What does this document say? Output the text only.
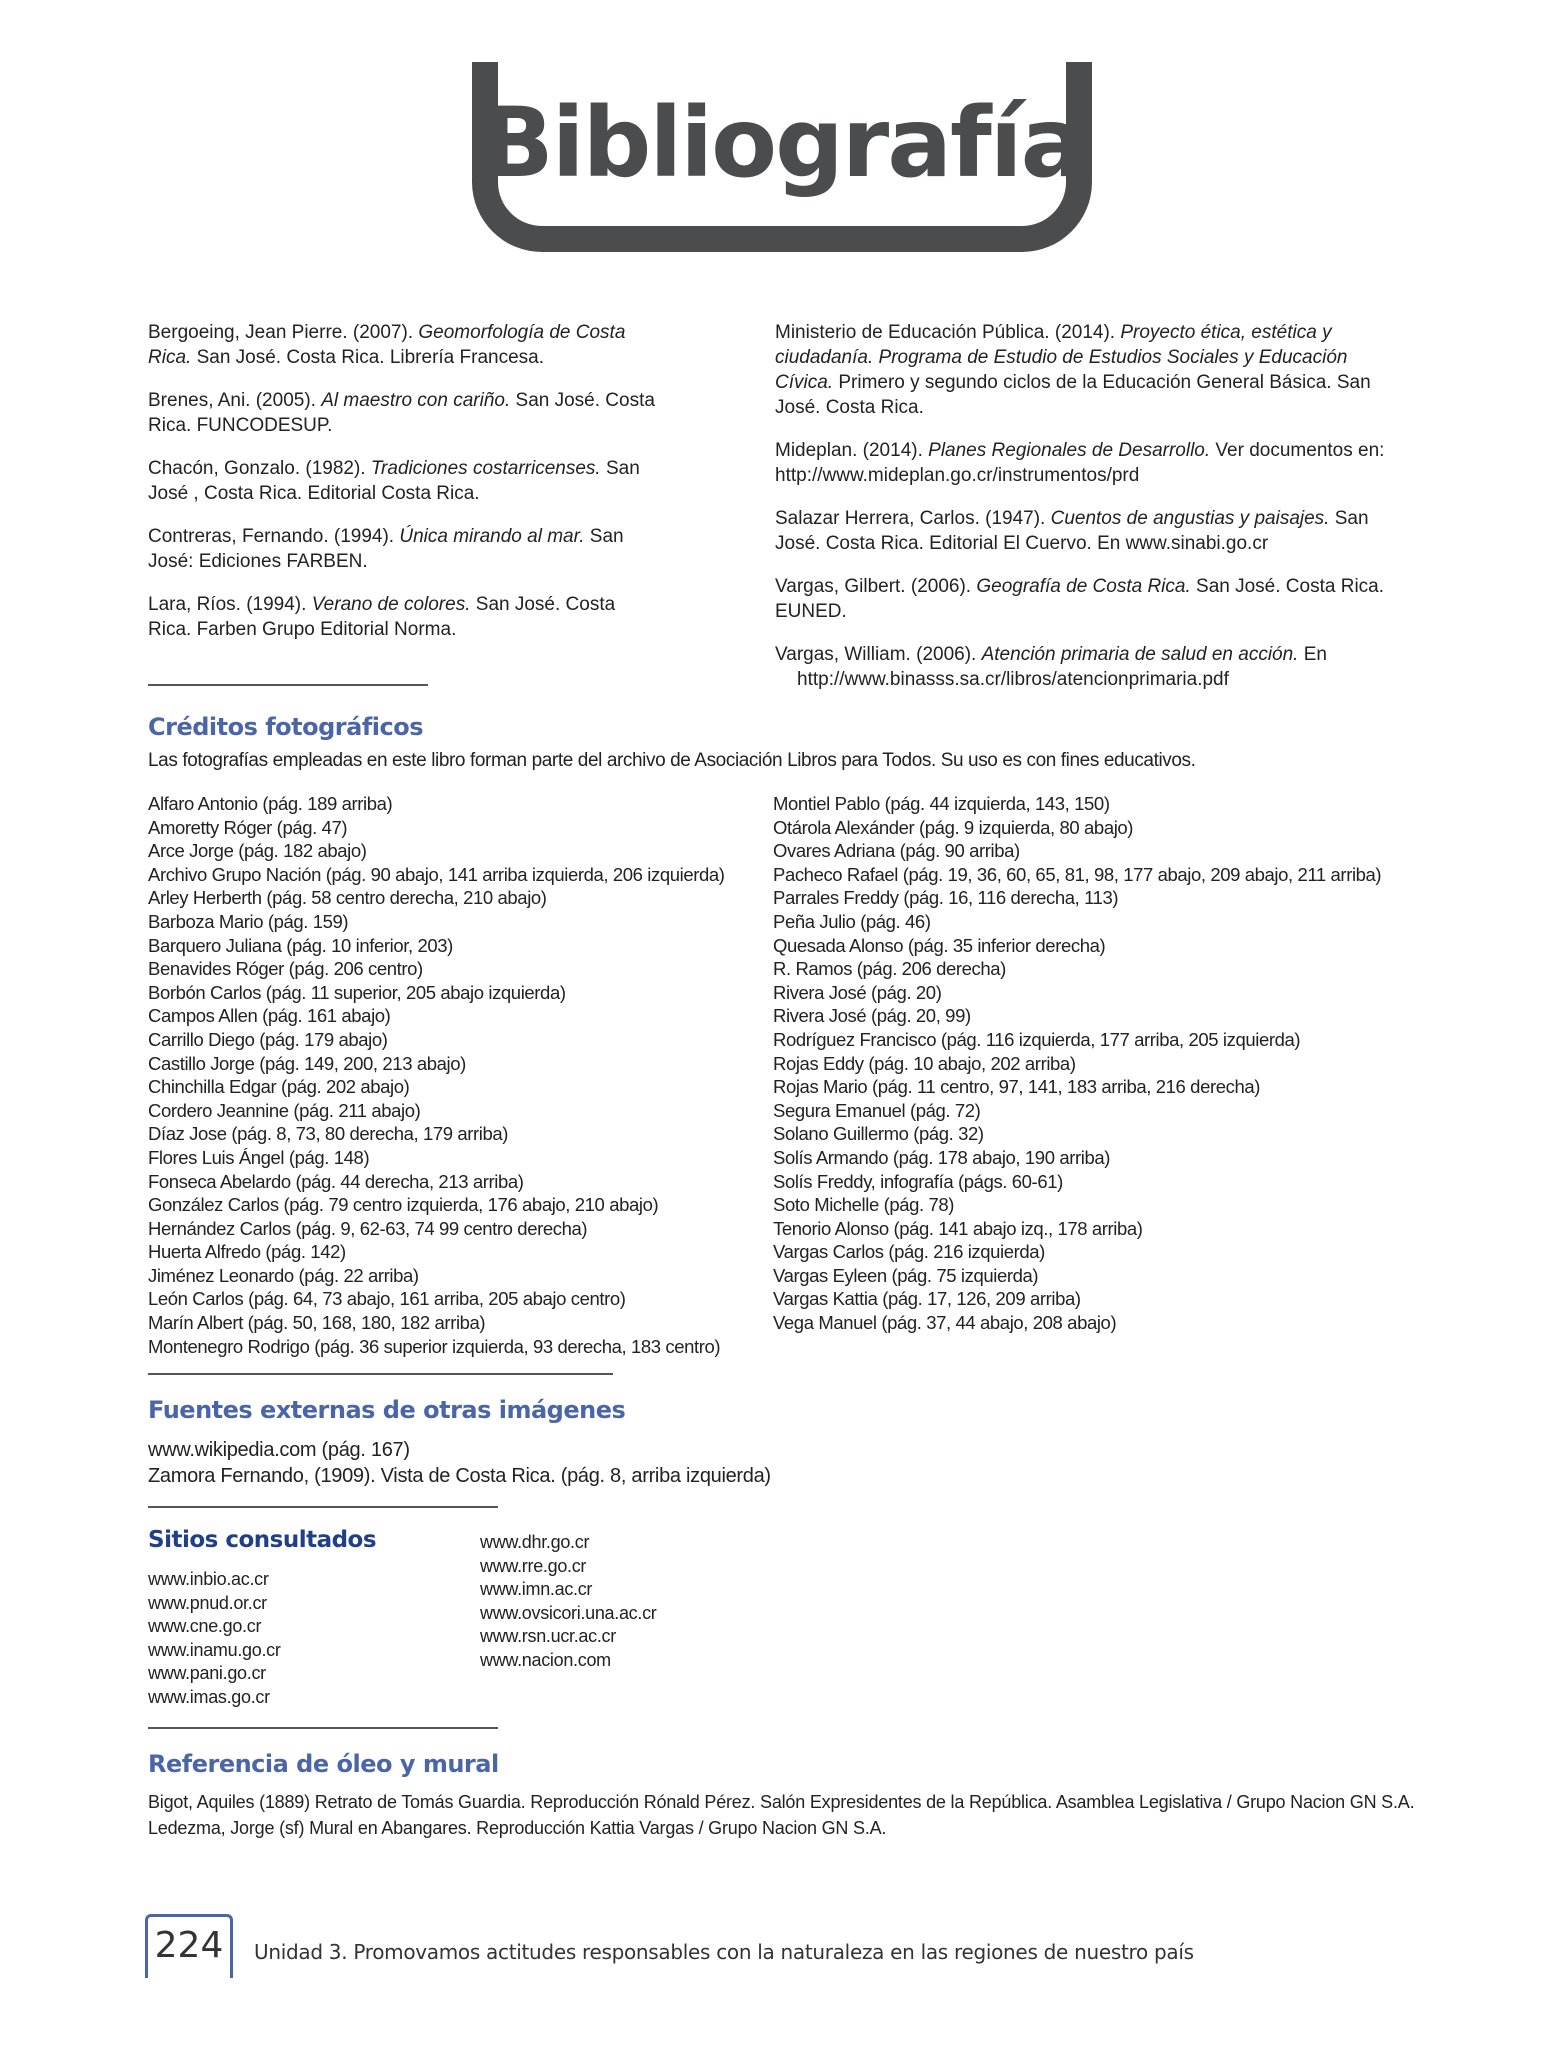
Bibliografía
Bergoeing, Jean Pierre. (2007). Geomorfología de Costa Rica. San José. Costa Rica. Librería Francesa.
Brenes, Ani. (2005). Al maestro con cariño. San José. Costa Rica. FUNCODESUP.
Chacón, Gonzalo. (1982). Tradiciones costarricenses. San José , Costa Rica. Editorial Costa Rica.
Contreras, Fernando. (1994). Única mirando al mar. San José: Ediciones FARBEN.
Lara, Ríos. (1994). Verano de colores. San José. Costa Rica. Farben Grupo Editorial Norma.
Ministerio de Educación Pública. (2014). Proyecto ética, estética y ciudadanía. Programa de Estudio de Estudios Sociales y Educación Cívica. Primero y segundo ciclos de la Educación General Básica. San José. Costa Rica.
Mideplan. (2014). Planes Regionales de Desarrollo. Ver documentos en: http://www.mideplan.go.cr/instrumentos/prd
Salazar Herrera, Carlos. (1947). Cuentos de angustias y paisajes. San José. Costa Rica. Editorial El Cuervo. En www.sinabi.go.cr
Vargas, Gilbert. (2006). Geografía de Costa Rica. San José. Costa Rica. EUNED.
Vargas, William. (2006). Atención primaria de salud en acción. En http://www.binasss.sa.cr/libros/atencionprimaria.pdf
Créditos fotográficos
Las fotografías empleadas en este libro forman parte del archivo de Asociación Libros para Todos. Su uso es con fines educativos.
Alfaro Antonio (pág. 189 arriba)
Amoretty Róger (pág. 47)
Arce Jorge (pág. 182 abajo)
Archivo Grupo Nación (pág. 90 abajo, 141 arriba izquierda, 206 izquierda)
Arley Herberth (pág. 58 centro derecha, 210 abajo)
Barboza Mario (pág. 159)
Barquero Juliana (pág. 10 inferior, 203)
Benavides Róger (pág. 206 centro)
Borbón Carlos (pág. 11 superior, 205 abajo izquierda)
Campos Allen (pág. 161 abajo)
Carrillo Diego (pág. 179 abajo)
Castillo Jorge (pág. 149, 200, 213 abajo)
Chinchilla Edgar (pág. 202 abajo)
Cordero Jeannine (pág. 211 abajo)
Díaz Jose (pág. 8, 73, 80 derecha, 179 arriba)
Flores Luis Ángel (pág. 148)
Fonseca Abelardo (pág. 44 derecha, 213 arriba)
González Carlos (pág. 79 centro izquierda, 176 abajo, 210 abajo)
Hernández Carlos (pág. 9, 62-63, 74 99 centro derecha)
Huerta Alfredo (pág. 142)
Jiménez Leonardo (pág. 22 arriba)
León Carlos (pág. 64, 73 abajo, 161 arriba, 205 abajo centro)
Marín Albert (pág. 50, 168, 180, 182 arriba)
Montenegro Rodrigo (pág. 36 superior izquierda, 93 derecha, 183 centro)
Montiel Pablo (pág. 44 izquierda, 143, 150)
Otárola Alexánder (pág. 9 izquierda, 80 abajo)
Ovares Adriana (pág. 90 arriba)
Pacheco Rafael (pág. 19, 36, 60, 65, 81, 98, 177 abajo, 209 abajo, 211 arriba)
Parrales Freddy (pág. 16, 116 derecha, 113)
Peña Julio (pág. 46)
Quesada Alonso (pág. 35 inferior derecha)
R. Ramos (pág. 206 derecha)
Rivera José (pág. 20)
Rivera José (pág. 20, 99)
Rodríguez Francisco (pág. 116 izquierda, 177 arriba, 205 izquierda)
Rojas Eddy (pág. 10 abajo, 202 arriba)
Rojas Mario (pág. 11 centro, 97, 141, 183 arriba, 216 derecha)
Segura Emanuel (pág. 72)
Solano Guillermo (pág. 32)
Solís Armando (pág. 178 abajo, 190 arriba)
Solís Freddy, infografía (págs. 60-61)
Soto Michelle (pág. 78)
Tenorio Alonso (pág. 141 abajo izq., 178 arriba)
Vargas Carlos (pág. 216 izquierda)
Vargas Eyleen (pág. 75 izquierda)
Vargas Kattia (pág. 17, 126, 209 arriba)
Vega Manuel (pág. 37, 44 abajo, 208 abajo)
Fuentes externas de otras imágenes
www.wikipedia.com (pág. 167)
Zamora Fernando, (1909). Vista de Costa Rica. (pág. 8, arriba izquierda)
Sitios consultados
www.inbio.ac.cr
www.pnud.or.cr
www.cne.go.cr
www.inamu.go.cr
www.pani.go.cr
www.imas.go.cr
www.dhr.go.cr
www.rre.go.cr
www.imn.ac.cr
www.ovsicori.una.ac.cr
www.rsn.ucr.ac.cr
www.nacion.com
Referencia de óleo y mural
Bigot, Aquiles (1889) Retrato de Tomás Guardia. Reproducción Rónald Pérez. Salón Expresidentes de la República. Asamblea Legislativa / Grupo Nacion GN S.A.
Ledezma, Jorge (sf) Mural en Abangares. Reproducción Kattia Vargas / Grupo Nacion GN S.A.
224	Unidad 3. Promovamos actitudes responsables con la naturaleza en las regiones de nuestro país
